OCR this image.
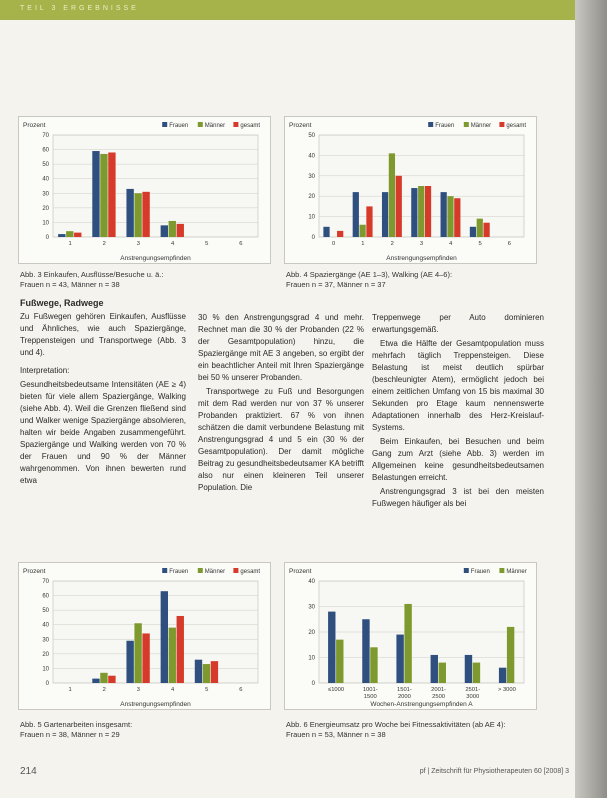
TEIL 3 ERGEBNISSE
Prozent	gesamt
Männer
Frauen
0
10
20
30
40
50
60
70
1	2	3	4	5	6
Anstrengungsempfinden
Abb. 3 Einkaufen, Ausflüsse/Besuche u. ä.:
Frauen n = 43, Männer n = 38
Prozent	gesamt
Männer
Frauen
0
10
20
30
40
50
0	1	2	3	4	5	6
Anstrengungsempfinden
Abb. 4 Spaziergänge (AE 1–3), Walking (AE 4–6):
Frauen n = 37, Männer n = 37
Fußwege, Radwege

Zu Fußwegen gehören Einkaufen, Ausflüsse und Ähnliches, wie auch Spaziergänge, Treppensteigen und Transportwege (Abb. 3 und 4).

Interpretation:

Gesundheitsbedeutsame Intensitäten (AE ≥ 4) bieten für viele allem Spaziergänge, Walking (siehe Abb. 4). Weil die Grenzen fließend sind und Walker wenige Spaziergänge absolvieren, halten wir beide Angaben zusammengeführt. Spaziergänge und Walking werden von 70 % der Frauen und 90 % der Männer wahrgenommen. Von ihnen bewerten rund etwa

30 % den Anstrengungsgrad 4 und mehr. Rechnet man die 30 % der Probanden (22 % der Gesamtpopulation) hinzu, die Spaziergänge mit AE 3 angeben, so ergibt der ein beachtlicher Anteil mit Ihren Spaziergänge bei 50 % unserer Probanden.

Transportwege zu Fuß und Besorgungen mit dem Rad werden nur von 37 % unserer Probanden praktiziert. 67 % von ihnen schätzen die damit verbundene Belastung mit Anstrengungsgrad 4 und 5 ein (30 % der Gesamtpopulation). Der damit mögliche Beitrag zu gesundheitsbedeutsamer KA betrifft also nur einen kleineren Teil unserer Population. Die

Treppenwege per Auto dominieren erwartungsgemäß.

Etwa die Hälfte der Gesamtpopulation muss mehrfach täglich Treppensteigen. Diese Belastung ist meist deutlich spürbar (beschleunigter Atem), ermöglicht jedoch bei einem zeitlichen Umfang von 15 bis maximal 30 Sekunden pro Etage kaum nennenswerte Adaptationen innerhalb des Herz-Kreislauf-Systems.

Beim Einkaufen, bei Besuchen und beim Gang zum Arzt (siehe Abb. 3) werden im Allgemeinen keine gesundheitsbedeutsamen Belastungen erreicht.

Anstrengungsgrad 3 ist bei den meisten Fußwegen häufiger als bei

Prozent	gesamt
Männer
Frauen
0
10
20
30
40
50
60
70
1	2	3	4	5	6
Anstrengungsempfinden
Abb. 5 Gartenarbeiten insgesamt:
Frauen n = 38, Männer n = 29
Prozent	Männer
Frauen
0
10
20
30
40
≤1000	1001-
1500
1501-
2000
2001-
2500
2501-
3000
> 3000
Wochen-Anstrengungsempfinden A
Abb. 6 Energieumsatz pro Woche bei Fitnessaktivitäten (ab AE 4):
Frauen n = 53, Männer n = 38
214	pf | Zeitschrift für Physiotherapeuten 60 [2008] 3
